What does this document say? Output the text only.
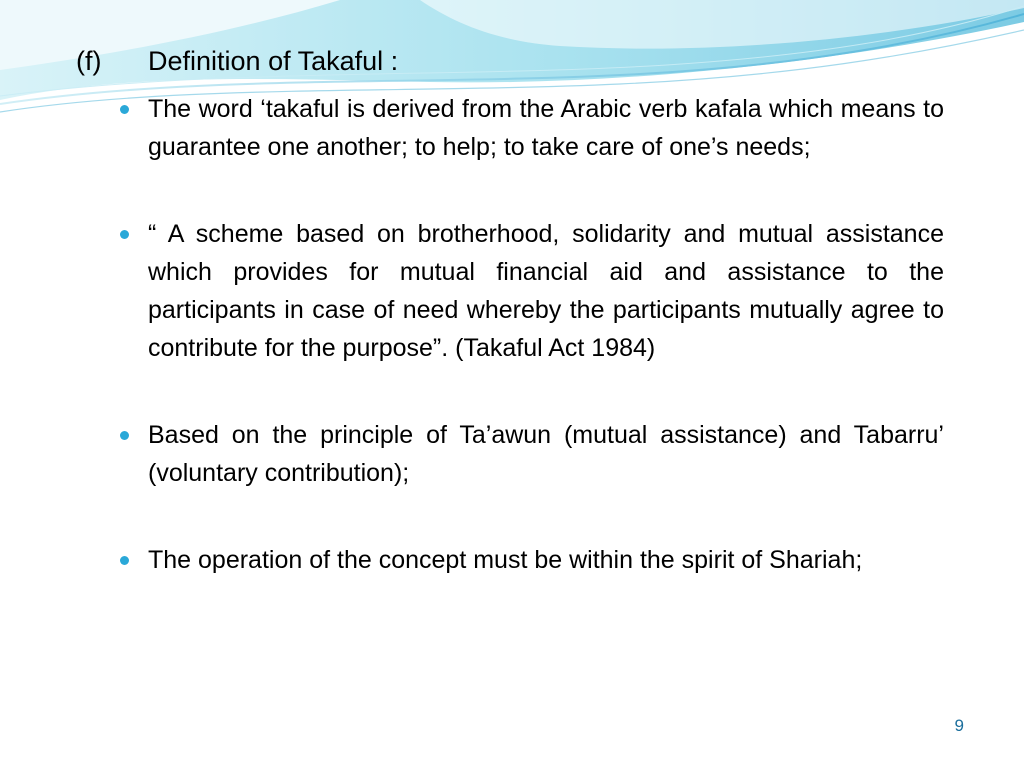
(f) Definition of Takaful :
The word ‘takaful is derived from the Arabic verb kafala which means to guarantee one another; to help; to take care of one’s needs;
“ A scheme based on brotherhood, solidarity and mutual assistance which provides for mutual financial aid and assistance to the participants in case of need whereby the participants mutually agree to contribute for the purpose”. (Takaful Act 1984)
Based on the principle of Ta’awun (mutual assistance) and Tabarru’ (voluntary contribution);
The operation of the concept must be within the spirit of Shariah;
9
